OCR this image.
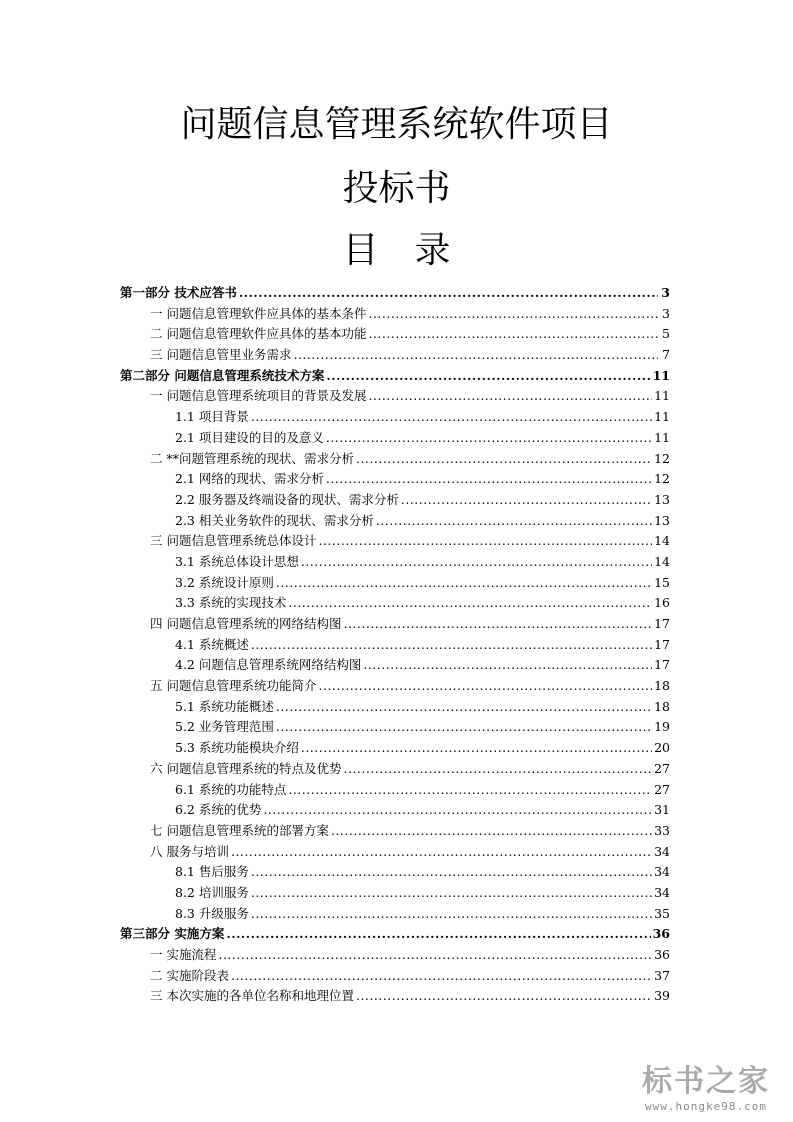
问题信息管理系统软件项目
投标书
目　录
第一部分 技术应答书 .....	3
一 问题信息管理软件应具体的基本条件 .....	3
二 问题信息管理软件应具体的基本功能 .....	5
三 问题信息管里业务需求 .....	7
第二部分 问题信息管理系统技术方案 .....	11
一 问题信息管理系统项目的背景及发展 .....	11
1.1 项目背景 .....	11
2.1 项目建设的目的及意义 .....	11
二 **问题管理系统的现状、需求分析 .....	12
2.1 网络的现状、需求分析 .....	12
2.2 服务器及终端设备的现状、需求分析 .....	13
2.3 相关业务软件的现状、需求分析 .....	13
三 问题信息管理系统总体设计 .....	14
3.1 系统总体设计思想 .....	14
3.2 系统设计原则 .....	15
3.3 系统的实现技术 .....	16
四 问题信息管理系统的网络结构图 .....	17
4.1 系统概述 .....	17
4.2 问题信息管理系统网络结构图 .....	17
五 问题信息管理系统功能简介 .....	18
5.1 系统功能概述 .....	18
5.2 业务管理范围 .....	19
5.3 系统功能模块介绍 .....	20
六 问题信息管理系统的特点及优势 .....	27
6.1 系统的功能特点 .....	27
6.2 系统的优势 .....	31
七 问题信息管理系统的部署方案 .....	33
八 服务与培训 .....	34
8.1 售后服务 .....	34
8.2 培训服务 .....	34
8.3 升级服务 .....	35
第三部分 实施方案 .....	36
一 实施流程 .....	36
二 实施阶段表 .....	37
三 本次实施的各单位名称和地理位置 .....	39
标书之家
www.hongke98.com
